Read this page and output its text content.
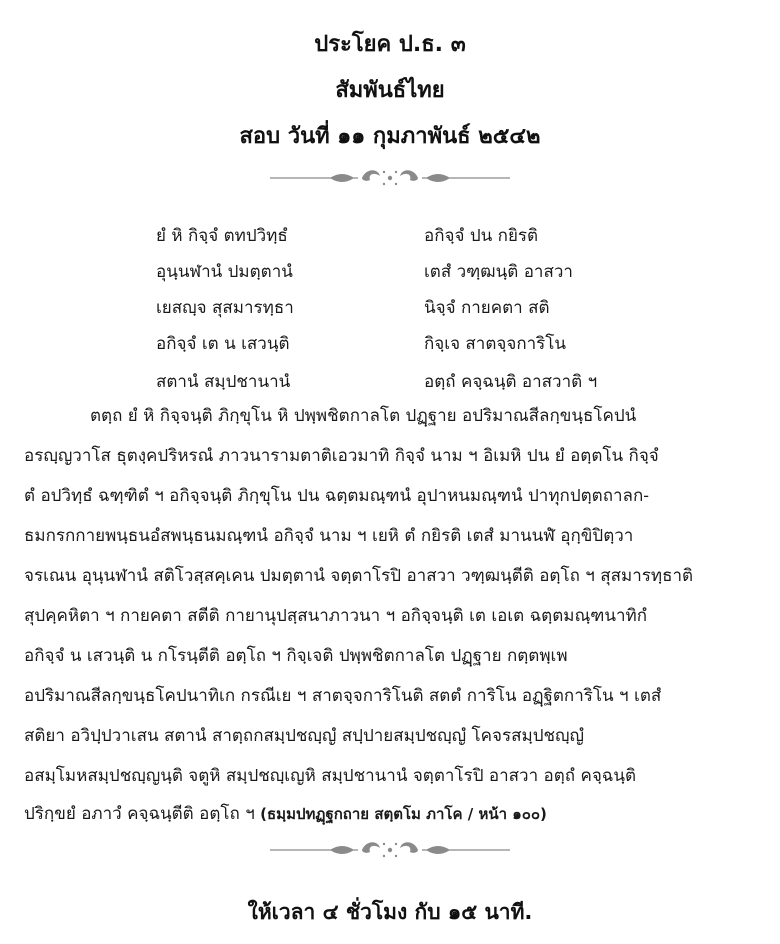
ประโยค ป.ธ. ๓
สัมพันธ์ไทย
สอบ วันที่ ๑๑ กุมภาพันธ์ ๒๕๔๒
ยํ หิ กิจฺจํ ตทปวิทฺธํ	อกิจฺจํ ปน กยิรติ
อุนฺนฬานํ ปมตฺตานํ	เตสํ วฑฺฒนฺติ อาสวา
เยสญฺจ สุสมารทฺธา	นิจฺจํ กายคตา สติ
อกิจฺจํ เต น เสวนฺติ	กิจฺเจ สาตจฺจการิโน
สตานํ สมฺปชานานํ	อตฺถํ คจฺฉนฺติ อาสวาติ ฯ
ตตฺถ ยํ หิ กิจฺจนฺติ ภิกฺขุโน หิ ปพฺพชิตกาลโต ปฏฺฐาย อปริมาณสีลกฺขนฺธโคปนํ
อรญฺญวาโส ธุตงฺคปริหรณํ ภาวนารามตาติเอวมาทิ กิจฺจํ นาม ฯ อิเมหิ ปน ยํ อตฺตโน กิจฺจํ
ตํ อปวิทฺธํ ฉฑฺฑิตํ ฯ อกิจฺจนฺติ ภิกฺขุโน ปน ฉตฺตมณฺฑนํ อุปาหนมณฺฑนํ ปาทุกปตฺตถาลก-
ธมกรกกายพนฺธนอํสพนฺธนมณฺฑนํ อกิจฺจํ นาม ฯ เยหิ ตํ กยิรติ เตสํ มานนฬํ อุกฺขิปิตฺวา
จรเณน อุนฺนฬานํ สติโวสฺสคฺเคน ปมตฺตานํ จตฺตาโรปิ อาสวา วฑฺฒนฺตีติ อตฺโถ ฯ สุสมารทฺธาติ
สุปคฺคหิตา ฯ กายคตา สตีติ กายานุปสฺสนาภาวนา ฯ อกิจฺจนฺติ เต เอเต ฉตฺตมณฺฑนาทิกํ
อกิจฺจํ น เสวนฺติ น กโรนฺตีติ อตฺโถ ฯ กิจฺเจติ ปพฺพชิตกาลโต ปฏฺฐาย กตฺตพฺเพ
อปริมาณสีลกฺขนฺธโคปนาทิเก กรณีเย ฯ สาตจฺจการิโนติ สตตํ การิโน อฏฺฐิตการิโน ฯ เตสํ
สติยา อวิปฺปวาเสน สตานํ สาตฺถกสมฺปชญฺญํ สปฺปายสมฺปชญฺญํ โคจรสมฺปชญฺญํ
อสมฺโมหสมฺปชญฺญนฺติ จตูหิ สมฺปชญฺเญหิ สมฺปชานานํ จตฺตาโรปิ อาสวา อตฺถํ คจฺฉนฺติ
ปริกฺขยํ อภาวํ คจฺฉนฺตีติ อตฺโถ ฯ (ธมฺมปทฏฺฐกถาย สตฺตโม ภาโค / หน้า ๑๐๐)
ให้เวลา ๔ ชั่วโมง กับ ๑๕ นาที.
